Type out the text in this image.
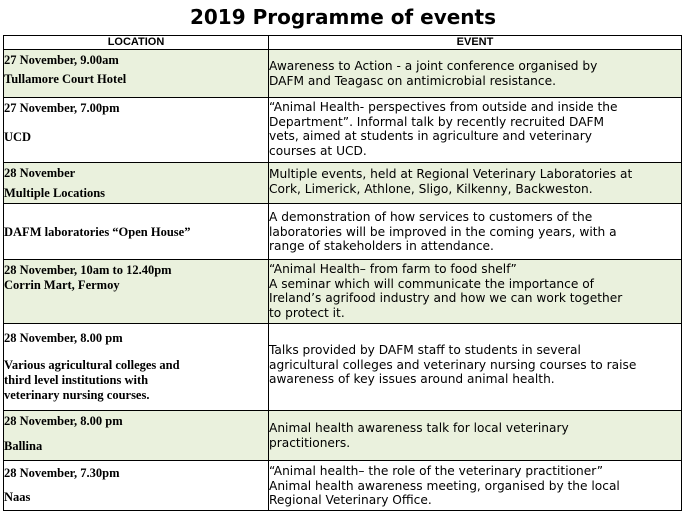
2019 Programme of events
LOCATION	EVENT

27 November, 9.00am
Tullamore Court Hotel	Awareness to Action - a joint conference organised by
DAFM and Teagasc on antimicrobial resistance.

27 November, 7.00pm
UCD	“Animal Health- perspectives from outside and inside the
Department”. Informal talk by recently recruited DAFM
vets, aimed at students in agriculture and veterinary
courses at UCD.

28 November
Multiple Locations	Multiple events, held at Regional Veterinary Laboratories at
Cork, Limerick, Athlone, Sligo, Kilkenny, Backweston.

DAFM laboratories “Open House”	A demonstration of how services to customers of the
laboratories will be improved in the coming years, with a
range of stakeholders in attendance.

28 November, 10am to 12.40pm
Corrin Mart, Fermoy	“Animal Health– from farm to food shelf”
A seminar which will communicate the importance of
Ireland’s agrifood industry and how we can work together
to protect it.

28 November, 8.00 pm
Various agricultural colleges and
third level institutions with
veterinary nursing courses.	Talks provided by DAFM staff to students in several
agricultural colleges and veterinary nursing courses to raise
awareness of key issues around animal health.

28 November, 8.00 pm
Ballina	Animal health awareness talk for local veterinary
practitioners.

28 November, 7.30pm
Naas	“Animal health– the role of the veterinary practitioner”
Animal health awareness meeting, organised by the local
Regional Veterinary Office.
